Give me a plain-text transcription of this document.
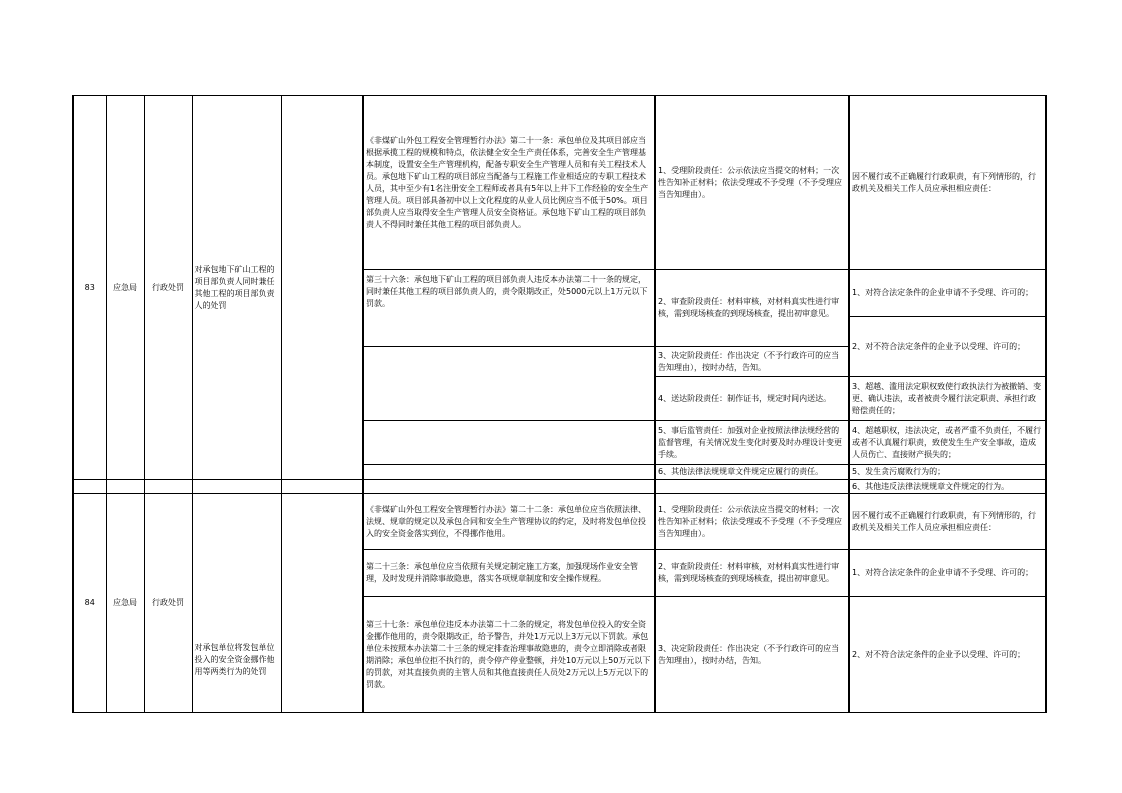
83	应急局	行政处罚	对承包地下矿山工程的项目部负责人同时兼任其他工程的项目部负责人的处罚		《非煤矿山外包工程安全管理暂行办法》第二十一条：承包单位及其项目部应当根据承揽工程的规模和特点，依法健全安全生产责任体系，完善安全生产管理基本制度，设置安全生产管理机构，配备专职安全生产管理人员和有关工程技术人员。承包地下矿山工程的项目部应当配备与工程施工作业相适应的专职工程技术人员，其中至少有1名注册安全工程师或者具有5年以上井下工作经验的安全生产管理人员。项目部具备初中以上文化程度的从业人员比例应当不低于50%。项目部负责人应当取得安全生产管理人员安全资格证。承包地下矿山工程的项目部负责人不得同时兼任其他工程的项目部负责人。	1、受理阶段责任：公示依法应当提交的材料；一次性告知补正材料；依法受理或不予受理（不予受理应当告知理由）。	因不履行或不正确履行行政职责，有下列情形的，行政机关及相关工作人员应承担相应责任：
					第三十六条：承包地下矿山工程的项目部负责人违反本办法第二十一条的规定，同时兼任其他工程的项目部负责人的，责令限期改正，处5000元以上1万元以下罚款。	2、审查阶段责任：材料审核，对材料真实性进行审核，需到现场核查的到现场核查，提出初审意见。	1、对符合法定条件的企业申请不予受理、许可的；
							2、对不符合法定条件的企业予以受理、许可的；
						3、决定阶段责任：作出决定（不予行政许可的应当告知理由），按时办结，告知。	
						4、送达阶段责任：制作证书，规定时间内送达。	3、超越、滥用法定职权致使行政执法行为被撤销、变更、确认违法，或者被责令履行法定职责、承担行政赔偿责任的；
						5、事后监管责任：加强对企业按照法律法规经营的监督管理，有关情况发生变化时要及时办理设计变更手续。	4、超越职权，违法决定，或者严重不负责任，不履行或者不认真履行职责，致使发生生产安全事故，造成人员伤亡、直接财产损失的；
						6、其他法律法规规章文件规定应履行的责任。	5、发生贪污腐败行为的；
							6、其他违反法律法规规章文件规定的行为。
84	应急局	行政处罚	对承包单位将发包单位投入的安全资金挪作他用等两类行为的处罚		《非煤矿山外包工程安全管理暂行办法》第二十二条：承包单位应当依照法律、法规、规章的规定以及承包合同和安全生产管理协议的约定，及时将发包单位投入的安全资金落实到位，不得挪作他用。	1、受理阶段责任：公示依法应当提交的材料；一次性告知补正材料；依法受理或不予受理（不予受理应当告知理由）。	因不履行或不正确履行行政职责，有下列情形的，行政机关及相关工作人员应承担相应责任：
					第二十三条：承包单位应当依照有关规定制定施工方案，加强现场作业安全管理，及时发现并消除事故隐患，落实各项规章制度和安全操作规程。	2、审查阶段责任：材料审核，对材料真实性进行审核，需到现场核查的到现场核查，提出初审意见。	1、对符合法定条件的企业申请不予受理、许可的；
					第三十七条：承包单位违反本办法第二十二条的规定，将发包单位投入的安全资金挪作他用的，责令限期改正，给予警告，并处1万元以上3万元以下罚款。承包单位未按照本办法第二十三条的规定排查治理事故隐患的，责令立即消除或者限期消除；承包单位拒不执行的，责令停产停业整顿，并处10万元以上50万元以下的罚款，对其直接负责的主管人员和其他直接责任人员处2万元以上5万元以下的罚款。	3、决定阶段责任：作出决定（不予行政许可的应当告知理由），按时办结，告知。	2、对不符合法定条件的企业予以受理、许可的；
